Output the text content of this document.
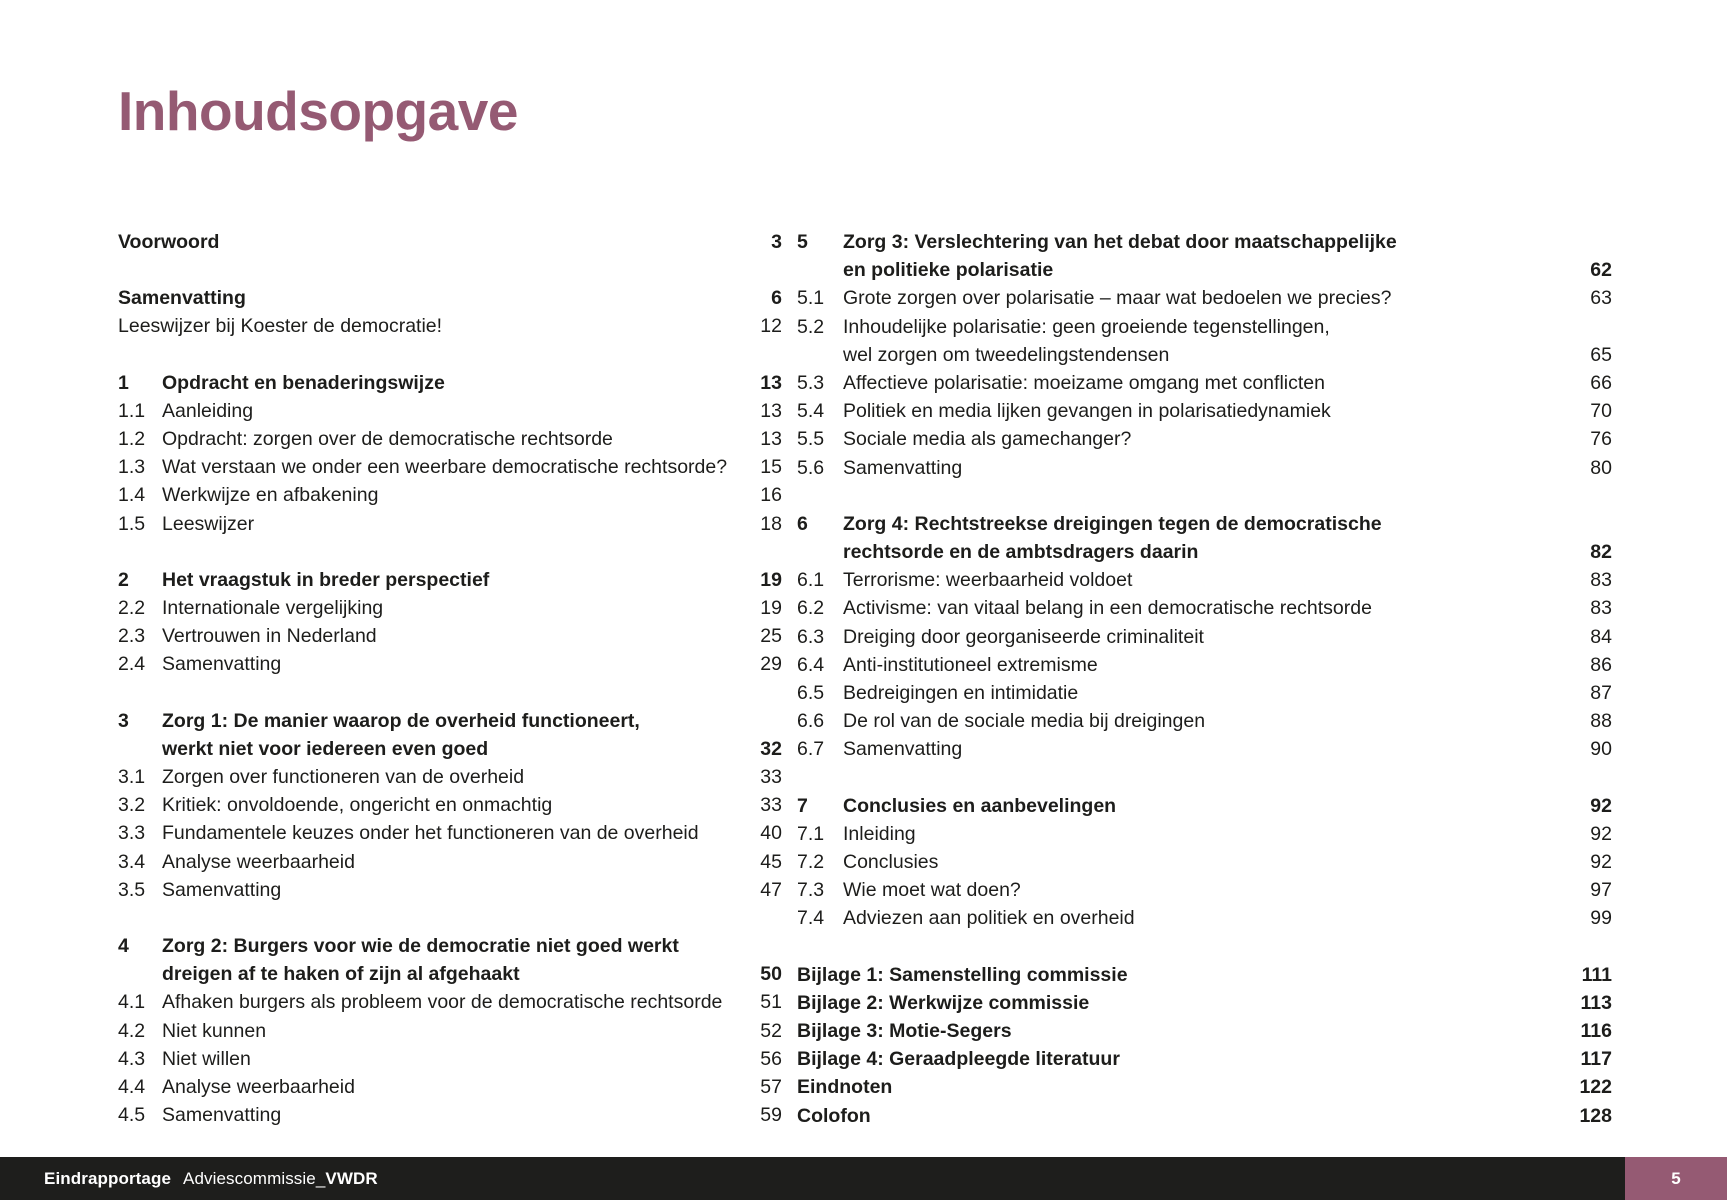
Inhoudsopgave
Voorwoord	3
Samenvatting	6
Leeswijzer bij Koester de democratie!	12
1	Opdracht en benaderingswijze	13
1.1 Aanleiding	13
1.2 Opdracht: zorgen over de democratische rechtsorde	13
1.3 Wat verstaan we onder een weerbare democratische rechtsorde?	15
1.4 Werkwijze en afbakening	16
1.5 Leeswijzer	18
2	Het vraagstuk in breder perspectief	19
2.2 Internationale vergelijking	19
2.3 Vertrouwen in Nederland	25
2.4 Samenvatting	29
3	Zorg 1: De manier waarop de overheid functioneert,
werkt niet voor iedereen even goed	32
3.1 Zorgen over functioneren van de overheid	33
3.2 Kritiek: onvoldoende, ongericht en onmachtig	33
3.3 Fundamentele keuzes onder het functioneren van de overheid	40
3.4 Analyse weerbaarheid	45
3.5 Samenvatting	47
4	Zorg 2: Burgers voor wie de democratie niet goed werkt
dreigen af te haken of zijn al afgehaakt	50
4.1 Afhaken burgers als probleem voor de democratische rechtsorde	51
4.2 Niet kunnen	52
4.3 Niet willen	56
4.4 Analyse weerbaarheid	57
4.5 Samenvatting	59
5	Zorg 3: Verslechtering van het debat door maatschappelijke
en politieke polarisatie	62
5.1 Grote zorgen over polarisatie – maar wat bedoelen we precies?	63
5.2 Inhoudelijke polarisatie: geen groeiende tegenstellingen,
wel zorgen om tweedelingstendensen	65
5.3 Affectieve polarisatie: moeizame omgang met conflicten	66
5.4 Politiek en media lijken gevangen in polarisatiedynamiek	70
5.5 Sociale media als gamechanger?	76
5.6 Samenvatting	80
6	Zorg 4: Rechtstreekse dreigingen tegen de democratische
rechtsorde en de ambtsdragers daarin	82
6.1 Terrorisme: weerbaarheid voldoet	83
6.2 Activisme: van vitaal belang in een democratische rechtsorde	83
6.3 Dreiging door georganiseerde criminaliteit	84
6.4 Anti-institutioneel extremisme	86
6.5 Bedreigingen en intimidatie	87
6.6 De rol van de sociale media bij dreigingen	88
6.7 Samenvatting	90
7	Conclusies en aanbevelingen	92
7.1 Inleiding	92
7.2 Conclusies	92
7.3 Wie moet wat doen?	97
7.4 Adviezen aan politiek en overheid	99
Bijlage 1: Samenstelling commissie	111
Bijlage 2: Werkwijze commissie	113
Bijlage 3: Motie-Segers	116
Bijlage 4: Geraadpleegde literatuur	117
Eindnoten	122
Colofon	128
Eindrapportage Adviescommissie_VWDR	5
